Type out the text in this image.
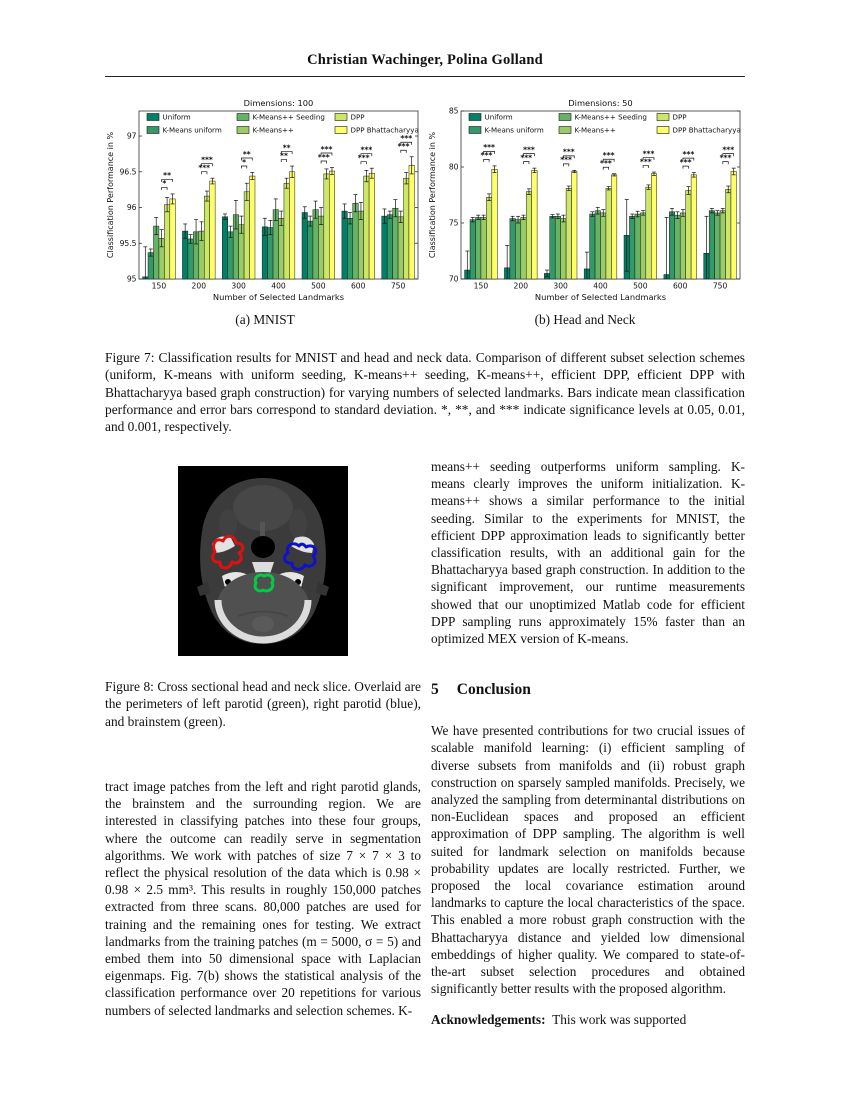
Christian Wachinger, Polina Golland
Dimensions: 100
Classification Performance in %
95
95.5
96
96.5
97
150	200	300	400	500	600	750
Number of Selected Landmarks
*
**
***
***	*
**	**
**
***
***
***
***	***
***
Uniform
K-Means uniform
K-Means++ Seeding
K-Means++
DPP
DPP Bhattacharyya
Dimensions: 50
Classification Performance in %
70
75
80
85
150	200	300	400	500	600	750
Number of Selected Landmarks
***
***
***
***
***
***
***
***
***
***
***
***	***
***
Uniform
K-Means uniform
K-Means++ Seeding
K-Means++
DPP
DPP Bhattacharyya
(a) MNIST	(b) Head and Neck

Figure 7: Classification results for MNIST and head and neck data. Comparison of different subset selection schemes (uniform, K-means with uniform seeding, K-means++ seeding, K-means++, efficient DPP, efficient DPP with Bhattacharyya based graph construction) for varying numbers of selected landmarks. Bars indicate mean classification performance and error bars correspond to standard deviation. *, **, and *** indicate significance levels at 0.05, 0.01, and 0.001, respectively.

Figure 8: Cross sectional head and neck slice. Overlaid are the perimeters of left parotid (green), right parotid (blue), and brainstem (green).

tract image patches from the left and right parotid glands, the brainstem and the surrounding region. We are interested in classifying patches into these four groups, where the outcome can readily serve in segmentation algorithms. We work with patches of size 7 × 7 × 3 to reflect the physical resolution of the data which is 0.98 × 0.98 × 2.5 mm³. This results in roughly 150,000 patches extracted from three scans. 80,000 patches are used for training and the remaining ones for testing. We extract landmarks from the training patches (m = 5000, σ = 5) and embed them into 50 dimensional space with Laplacian eigenmaps. Fig. 7(b) shows the statistical analysis of the classification performance over 20 repetitions for various numbers of selected landmarks and selection schemes. K-

means++ seeding outperforms uniform sampling. K-means clearly improves the uniform initialization. K-means++ shows a similar performance to the initial seeding. Similar to the experiments for MNIST, the efficient DPP approximation leads to significantly better classification results, with an additional gain for the Bhattacharyya based graph construction. In addition to the significant improvement, our runtime measurements showed that our unoptimized Matlab code for efficient DPP sampling runs approximately 15% faster than an optimized MEX version of K-means.

5 Conclusion

We have presented contributions for two crucial issues of scalable manifold learning: (i) efficient sampling of diverse subsets from manifolds and (ii) robust graph construction on sparsely sampled manifolds. Precisely, we analyzed the sampling from determinantal distributions on non-Euclidean spaces and proposed an efficient approximation of DPP sampling. The algorithm is well suited for landmark selection on manifolds because probability updates are locally restricted. Further, we proposed the local covariance estimation around landmarks to capture the local characteristics of the space. This enabled a more robust graph construction with the Bhattacharyya distance and yielded low dimensional embeddings of higher quality. We compared to state-of-the-art subset selection procedures and obtained significantly better results with the proposed algorithm.

Acknowledgements:  This work was supported
